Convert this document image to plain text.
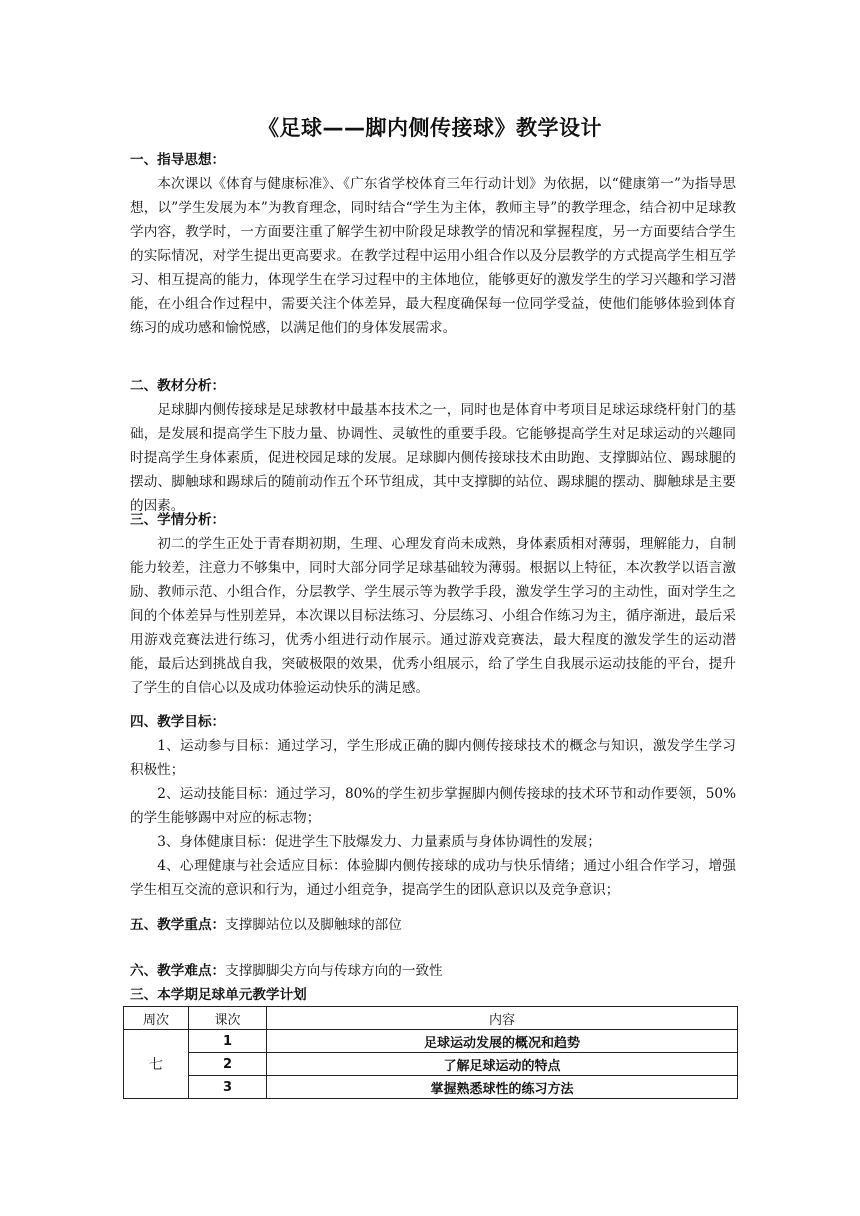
《足球——脚内侧传接球》教学设计
一、指导思想：

本次课以《体育与健康标准》、《广东省学校体育三年行动计划》为依据，以“健康第一”为指导思想，以”学生发展为本”为教育理念，同时结合“学生为主体，教师主导”的教学理念，结合初中足球教学内容，教学时，一方面要注重了解学生初中阶段足球教学的情况和掌握程度，另一方面要结合学生的实际情况，对学生提出更高要求。在教学过程中运用小组合作以及分层教学的方式提高学生相互学习、相互提高的能力，体现学生在学习过程中的主体地位，能够更好的激发学生的学习兴趣和学习潜能，在小组合作过程中，需要关注个体差异，最大程度确保每一位同学受益，使他们能够体验到体育练习的成功感和愉悦感，以满足他们的身体发展需求。

二、教材分析：

足球脚内侧传接球是足球教材中最基本技术之一，同时也是体育中考项目足球运球绕杆射门的基础，是发展和提高学生下肢力量、协调性、灵敏性的重要手段。它能够提高学生对足球运动的兴趣同时提高学生身体素质，促进校园足球的发展。足球脚内侧传接球技术由助跑、支撑脚站位、踢球腿的摆动、脚触球和踢球后的随前动作五个环节组成，其中支撑脚的站位、踢球腿的摆动、脚触球是主要的因素。

三、学情分析：

初二的学生正处于青春期初期，生理、心理发育尚未成熟，身体素质相对薄弱，理解能力，自制能力较差，注意力不够集中，同时大部分同学足球基础较为薄弱。根据以上特征，本次教学以语言激励、教师示范、小组合作，分层教学、学生展示等为教学手段，激发学生学习的主动性，面对学生之间的个体差异与性别差异，本次课以目标法练习、分层练习、小组合作练习为主，循序渐进，最后采用游戏竞赛法进行练习，优秀小组进行动作展示。通过游戏竞赛法，最大程度的激发学生的运动潜能，最后达到挑战自我，突破极限的效果，优秀小组展示，给了学生自我展示运动技能的平台，提升了学生的自信心以及成功体验运动快乐的满足感。

四、教学目标：

1、运动参与目标：通过学习，学生形成正确的脚内侧传接球技术的概念与知识，激发学生学习积极性；

2、运动技能目标：通过学习，80%的学生初步掌握脚内侧传接球的技术环节和动作要领，50%的学生能够踢中对应的标志物；

3、身体健康目标：促进学生下肢爆发力、力量素质与身体协调性的发展；

4、心理健康与社会适应目标：体验脚内侧传接球的成功与快乐情绪；通过小组合作学习，增强学生相互交流的意识和行为，通过小组竞争，提高学生的团队意识以及竞争意识；

五、教学重点：支撑脚站位以及脚触球的部位
六、教学难点：支撑脚脚尖方向与传球方向的一致性
三、本学期足球单元教学计划
周次	课次	内容
七	1	足球运动发展的概况和趋势
	2	了解足球运动的特点
	3	掌握熟悉球性的练习方法
